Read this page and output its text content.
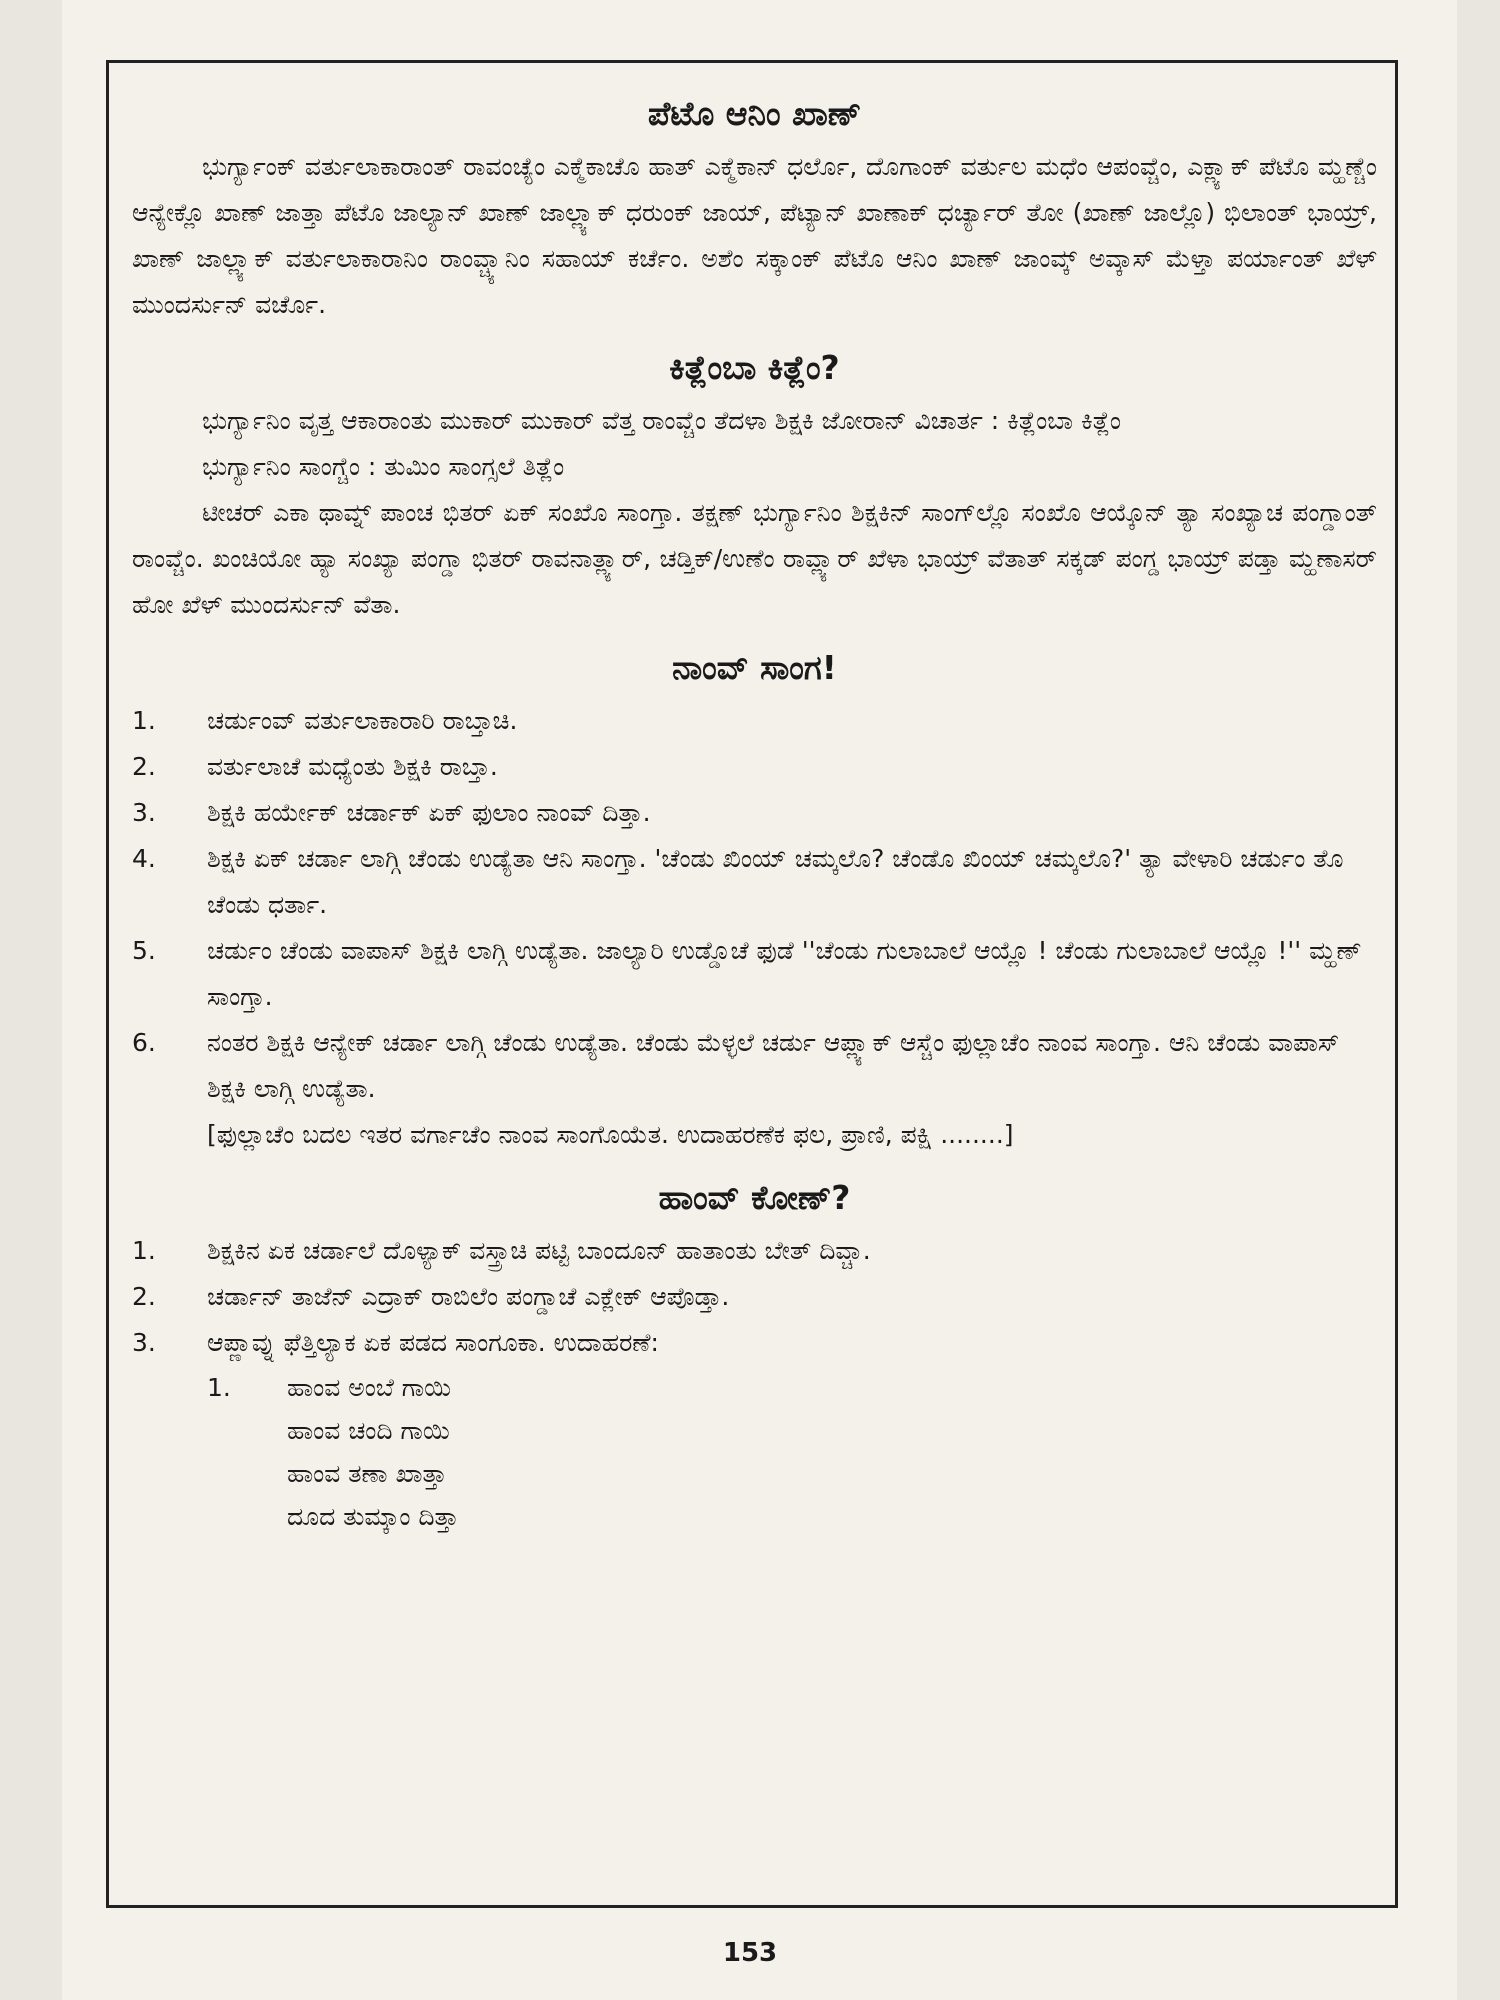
ಪೆಟೊ ಆನಿಂ ಖಾಣ್

ಭುರ್ಗ್ಯಾಂಕ್ ವರ್ತುಲಾಕಾರಾಂತ್ ರಾವಂಚ್ಯೆಂ ಎಕ್ಮೆಕಾಚೊ ಹಾತ್ ಎಕ್ಮೆಕಾನ್ ಧರ್ಲೊ, ದೊಗಾಂಕ್ ವರ್ತುಲ ಮಧೆಂ ಆಪಂವ್ಚೆಂ, ಎಕ್ಲ್ಯಾಕ್ ಪೆಟೊ ಮ್ಹಣ್ಚೆಂ ಆನ್ಯೇಕ್ಲೊ ಖಾಣ್ ಜಾತ್ತಾ ಪೆಟೊ ಜಾಲ್ಯಾನ್ ಖಾಣ್ ಜಾಲ್ಲ್ಯಾಕ್ ಧರುಂಕ್ ಜಾಯ್, ಪೆಟ್ಯಾನ್ ಖಾಣಾಕ್ ಧರ್ಚ್ಯಾರ್ ತೋ (ಖಾಣ್ ಜಾಲ್ಲೊ) ಭಿಲಾಂತ್ ಭಾಯ್ರ್, ಖಾಣ್ ಜಾಲ್ಲ್ಯಾಕ್ ವರ್ತುಲಾಕಾರಾನಿಂ ರಾಂವ್ಚ್ಯಾನಿಂ ಸಹಾಯ್ ಕರ್ಚೆಂ. ಅಶೆಂ ಸಕ್ಕಾಂಕ್ ಪೆಟೊ ಆನಿಂ ಖಾಣ್ ಜಾಂವ್ಕ್ ಅವ್ಕಾಸ್ ಮೆಳ್ತಾ ಪರ್ಯಾಂತ್ ಖೆಳ್ ಮುಂದರ್ಸುನ್ ವರ್ಚೊ.

ಕಿತ್ಲೆಂಬಾ ಕಿತ್ಲೆಂ?

ಭುರ್ಗ್ಯಾನಿಂ ವೃತ್ತ ಆಕಾರಾಂತು ಮುಕಾರ್ ಮುಕಾರ್ ವೆತ್ತ ರಾಂವ್ಚೆಂ ತೆದಳಾ ಶಿಕ್ಷಕಿ ಜೋರಾನ್ ವಿಚಾರ್ತ : ಕಿತ್ಲೆಂಬಾ ಕಿತ್ಲೆಂ

ಭುರ್ಗ್ಯಾನಿಂ ಸಾಂಗ್ಚೆಂ : ತುಮಿಂ ಸಾಂಗ್ಸಲೆ ತಿತ್ಲೆಂ

ಟೀಚರ್ ಎಕಾ ಥಾವ್ನ್ ಪಾಂಚ ಭಿತರ್ ಏಕ್ ಸಂಖೊ ಸಾಂಗ್ತಾ. ತಕ್ಷಣ್ ಭುರ್ಗ್ಯಾನಿಂ ಶಿಕ್ಷಕಿನ್ ಸಾಂಗ್‌ಲ್ಲೊ ಸಂಖೊ ಆಯ್ಕೊನ್ ತ್ಯಾ ಸಂಖ್ಯಾಚ ಪಂಗ್ಡಾಂತ್ ರಾಂವ್ಚೆಂ. ಖಂಚಿಯೋ ಹ್ಯಾ ಸಂಖ್ಯಾ ಪಂಗ್ಡಾ ಭಿತರ್ ರಾವನಾತ್ಲ್ಯಾರ್, ಚಡ್ತಿಕ್/ಉಣೆಂ ರಾವ್ಲ್ಯಾರ್ ಖೆಳಾ ಭಾಯ್ರ್ ವೆತಾತ್ ಸಕ್ಕಡ್ ಪಂಗ್ಡ ಭಾಯ್ರ್ ಪಡ್ತಾ ಮ್ಹಣಾಸರ್ ಹೋ ಖೆಳ್ ಮುಂದರ್ಸುನ್ ವೆತಾ.

ನಾಂವ್ ಸಾಂಗ!
1. ಚರ್ಡುಂವ್ ವರ್ತುಲಾಕಾರಾರಿ ರಾಬ್ತಾಚಿ.
2. ವರ್ತುಲಾಚೆ ಮಧ್ಯೆಂತು ಶಿಕ್ಷಕಿ ರಾಬ್ತಾ.
3. ಶಿಕ್ಷಕಿ ಹರ್ಯೇಕ್ ಚರ್ಡಾಕ್ ಏಕ್ ಫುಲಾಂ ನಾಂವ್ ದಿತ್ತಾ.
4. ಶಿಕ್ಷಕಿ ಏಕ್ ಚರ್ಡಾ ಲಾಗ್ಗಿ ಚೆಂಡು ಉಡ್ಯೆತಾ ಆನಿ ಸಾಂಗ್ತಾ. 'ಚೆಂಡು ಖಿಂಯ್ ಚಮ್ಕಲೊ? ಚೆಂಡೊ ಖಿಂಯ್ ಚಮ್ಕಲೊ?' ತ್ಯಾ ವೇಳಾರಿ ಚರ್ಡುಂ ತೊ ಚೆಂಡು ಧರ್ತಾ.
5. ಚರ್ಡುಂ ಚೆಂಡು ವಾಪಾಸ್ ಶಿಕ್ಷಕಿ ಲಾಗ್ಗಿ ಉಡ್ಯೆತಾ. ಜಾಲ್ಯಾರಿ ಉಡ್ಡೊಚೆ ಫುಡೆ ''ಚೆಂಡು ಗುಲಾಬಾಲೆ ಆಯ್ಲೊ ! ಚೆಂಡು ಗುಲಾಬಾಲೆ ಆಯ್ಲೊ !'' ಮ್ಹಣ್ ಸಾಂಗ್ತಾ.
6. ನಂತರ ಶಿಕ್ಷಕಿ ಆನ್ಯೇಕ್ ಚರ್ಡಾ ಲಾಗ್ಗಿ ಚೆಂಡು ಉಡ್ಯೆತಾ. ಚೆಂಡು ಮೆಳ್ಳಲೆ ಚರ್ಡು ಆಪ್ಲ್ಯಾಕ್ ಆಸ್ಚೆಂ ಫುಲ್ಲಾಚೆಂ ನಾಂವ ಸಾಂಗ್ತಾ. ಆನಿ ಚೆಂಡು ವಾಪಾಸ್ ಶಿಕ್ಷಕಿ ಲಾಗ್ಗಿ ಉಡ್ಯೆತಾ.

[ಫುಲ್ಲಾಚೆಂ ಬದಲ ಇತರ ವರ್ಗಾಚೆಂ ನಾಂವ ಸಾಂಗೊಯೆತ. ಉದಾಹರಣೆಕ ಫಲ, ಪ್ರಾಣಿ, ಪಕ್ಷಿ ........]

ಹಾಂವ್ ಕೋಣ್?
1. ಶಿಕ್ಷಕಿನ ಏಕ ಚರ್ಡಾಲೆ ದೊಳ್ಯಾಕ್ ವಸ್ತ್ರಾಚಿ ಪಟ್ಟಿ ಬಾಂದೂನ್ ಹಾತಾಂತು ಬೇತ್ ದಿವ್ಚಾ.
2. ಚರ್ಡಾನ್ ತಾಜೆನ್ ಎದ್ರಾಕ್ ರಾಬಿಲೆಂ ಪಂಗ್ಡಾಚೆ ಎಕ್ಲೇಕ್ ಆಪೊಡ್ತಾ.
3. ಆಪ್ಣಾವ್ನು ಫೆತ್ತಿಲ್ಯಾಕ ಏಕ ಪಡದ ಸಾಂಗೂಕಾ. ಉದಾಹರಣೆ:
1. ಹಾಂವ ಅಂಬೆ ಗಾಯಿ
ಹಾಂವ ಚಂದಿ ಗಾಯಿ
ಹಾಂವ ತಣಾ ಖಾತ್ತಾ
ದೂದ ತುಮ್ಕಾಂ ದಿತ್ತಾ
153
